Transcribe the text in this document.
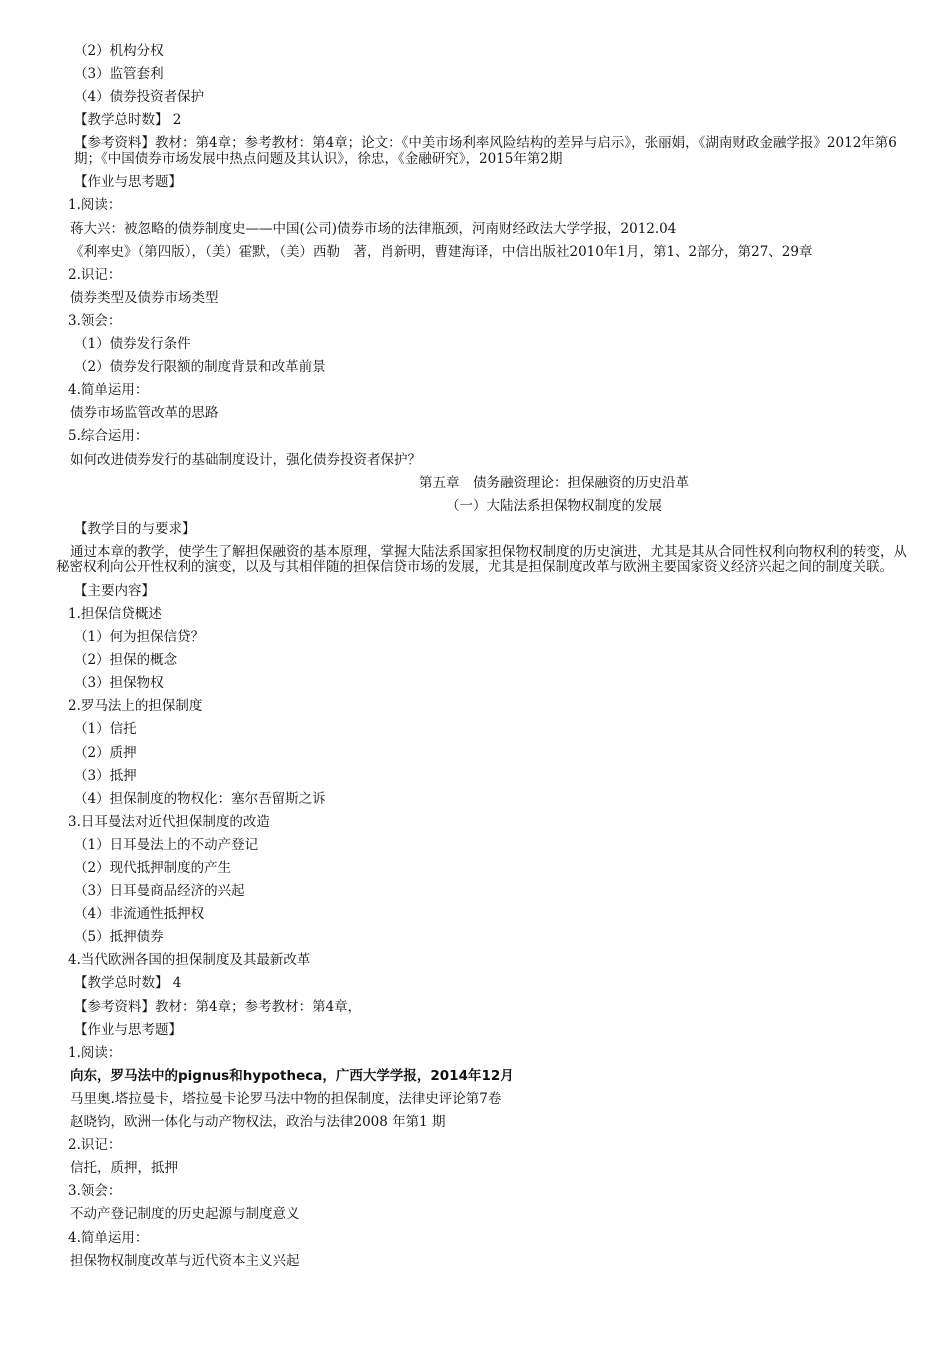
（2）机构分权
（3）监管套利
（4）债券投资者保护
【教学总时数】 2
【参考资料】教材：第4章；参考教材：第4章；论文：《中美市场利率风险结构的差异与启示》，张丽娟，《湖南财政金融学报》2012年第6期；《中国债券市场发展中热点问题及其认识》，徐忠，《金融研究》，2015年第2期
【作业与思考题】
1.阅读：
蒋大兴：被忽略的债券制度史——中国(公司)债券市场的法律瓶颈，河南财经政法大学学报，2012.04
《利率史》（第四版），（美）霍默，（美）西勒　著，肖新明，曹建海译，中信出版社2010年1月，第1、2部分，第27、29章
2.识记：
债券类型及债券市场类型
3.领会：
（1）债券发行条件
（2）债券发行限额的制度背景和改革前景
4.简单运用：
债券市场监管改革的思路
5.综合运用：
如何改进债券发行的基础制度设计，强化债券投资者保护？
第五章　债务融资理论：担保融资的历史沿革
（一）大陆法系担保物权制度的发展
【教学目的与要求】
通过本章的教学，使学生了解担保融资的基本原理，掌握大陆法系国家担保物权制度的历史演进，尤其是其从合同性权利向物权利的转变，从秘密权利向公开性权利的演变，以及与其相伴随的担保信贷市场的发展，尤其是担保制度改革与欧洲主要国家资义经济兴起之间的制度关联。
【主要内容】
1.担保信贷概述
（1）何为担保信贷？
（2）担保的概念
（3）担保物权
2.罗马法上的担保制度
（1）信托
（2）质押
（3）抵押
（4）担保制度的物权化：塞尔吾留斯之诉
3.日耳曼法对近代担保制度的改造
（1）日耳曼法上的不动产登记
（2）现代抵押制度的产生
（3）日耳曼商品经济的兴起
（4）非流通性抵押权
（5）抵押债券
4.当代欧洲各国的担保制度及其最新改革
【教学总时数】 4
【参考资料】教材：第4章；参考教材：第4章，
【作业与思考题】
1.阅读：
向东，罗马法中的pignus和hypotheca，广西大学学报，2014年12月
马里奥.塔拉曼卡，塔拉曼卡论罗马法中物的担保制度，法律史评论第7卷
赵晓钧，欧洲一体化与动产物权法，政治与法律2008 年第1 期
2.识记：
信托，质押，抵押
3.领会：
不动产登记制度的历史起源与制度意义
4.简单运用：
担保物权制度改革与近代资本主义兴起
